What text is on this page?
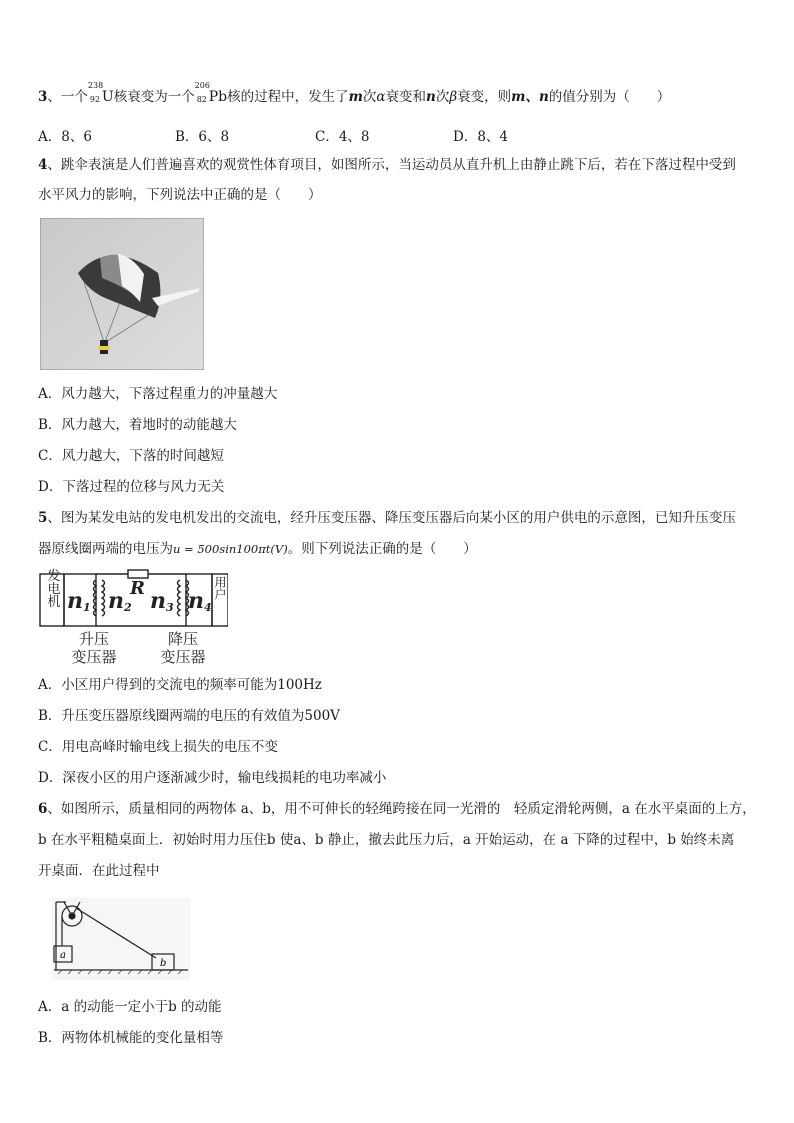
3、一个
238
92 U核衰变为一个
206
82 Pb核的过程中，发生了m次α衰变和n次β衰变，则m、n的值分别为（　　）
A．8、6	B．6、8	C．4、8	D．8、4
4、跳伞表演是人们普遍喜欢的观赏性体育项目，如图所示，当运动员从直升机上由静止跳下后，若在下落过程中受到
水平风力的影响，下列说法中正确的是（　　）
A．风力越大，下落过程重力的冲量越大
B．风力越大，着地时的动能越大
C．风力越大，下落的时间越短
D．下落过程的位移与风力无关
5、图为某发电站的发电机发出的交流电，经升压变压器、降压变压器后向某小区的用户供电的示意图，已知升压变压
器原线圈两端的电压为u = 500sin100πt(V)。则下列说法正确的是（　　）
发电机 n1 n2
R n3 n4
用户
升压
变压器
降压
变压器
A．小区用户得到的交流电的频率可能为100Hz
B．升压变压器原线圈两端的电压的有效值为500V
C．用电高峰时输电线上损失的电压不变
D．深夜小区的用户逐渐减少时，输电线损耗的电功率减小
6、如图所示，质量相同的两物体 a、b，用不可伸长的轻绳跨接在同一光滑的　轻质定滑轮两侧，a 在水平桌面的上方，
b 在水平粗糙桌面上．初始时用力压住b 使a、b 静止，撤去此压力后，a 开始运动，在 a 下降的过程中，b 始终未离
开桌面．在此过程中
a
b
A．a 的动能一定小于b 的动能
B．两物体机械能的变化量相等
